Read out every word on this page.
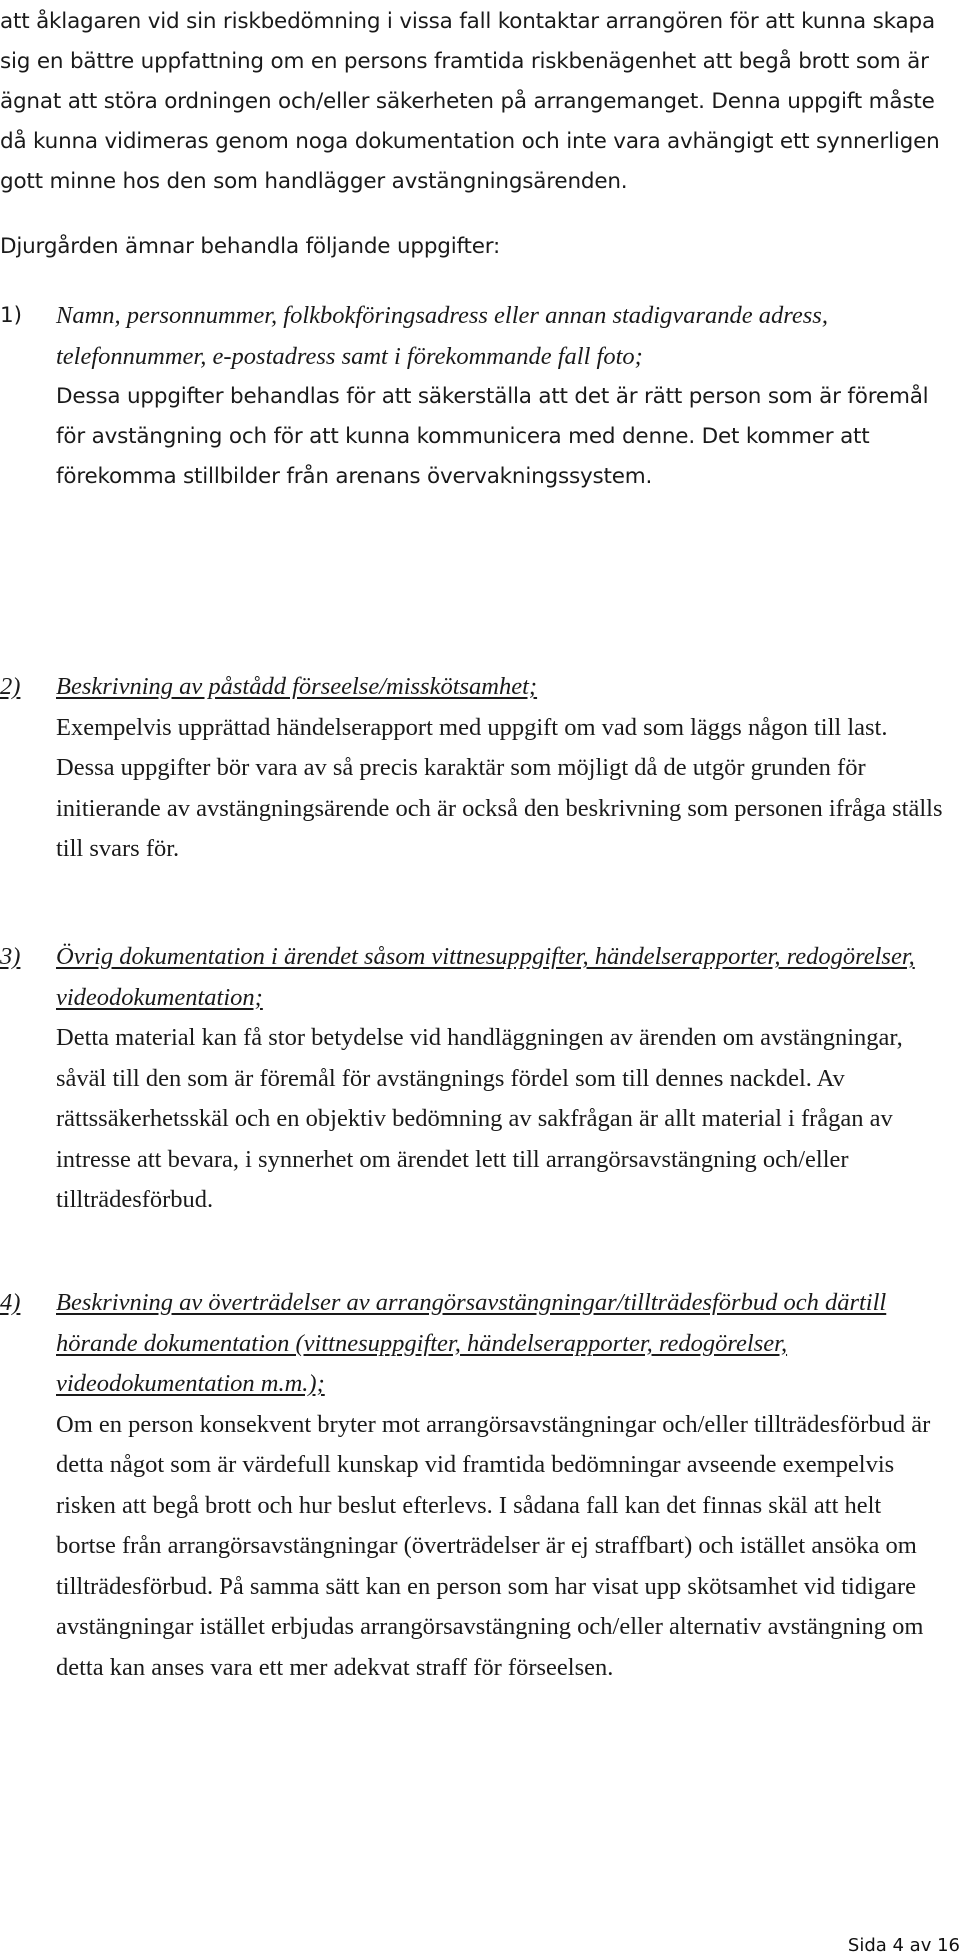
att åklagaren vid sin riskbedömning i vissa fall kontaktar arrangören för att kunna skapa sig en bättre uppfattning om en persons framtida riskbenägenhet att begå brott som är ägnat att störa ordningen och/eller säkerheten på arrangemanget. Denna uppgift måste då kunna vidimeras genom noga dokumentation och inte vara avhängigt ett synnerligen gott minne hos den som handlägger avstängningsärenden.

Djurgården ämnar behandla följande uppgifter:

1)	Namn, personnummer, folkbokföringsadress eller annan stadigvarande adress, telefonnummer, e-postadress samt i förekommande fall foto;

Dessa uppgifter behandlas för att säkerställa att det är rätt person som är föremål för avstängning och för att kunna kommunicera med denne. Det kommer att förekomma stillbilder från arenans övervakningssystem.

2)	Beskrivning av påstådd förseelse/misskötsamhet;

Exempelvis upprättad händelserapport med uppgift om vad som läggs någon till last. Dessa uppgifter bör vara av så precis karaktär som möjligt då de utgör grunden för initierande av avstängningsärende och är också den beskrivning som personen ifråga ställs till svars för.

3)	Övrig dokumentation i ärendet såsom vittnesuppgifter, händelserapporter, redogörelser, videodokumentation;

Detta material kan få stor betydelse vid handläggningen av ärenden om avstängningar, såväl till den som är föremål för avstängnings fördel som till dennes nackdel. Av rättssäkerhetsskäl och en objektiv bedömning av sakfrågan är allt material i frågan av intresse att bevara, i synnerhet om ärendet lett till arrangörsavstängning och/eller tillträdesförbud.

4)	Beskrivning av överträdelser av arrangörsavstängningar/tillträdesförbud och därtill hörande dokumentation (vittnesuppgifter, händelserapporter, redogörelser, videodokumentation m.m.);

Om en person konsekvent bryter mot arrangörsavstängningar och/eller tillträdesförbud är detta något som är värdefull kunskap vid framtida bedömningar avseende exempelvis risken att begå brott och hur beslut efterlevs. I sådana fall kan det finnas skäl att helt bortse från arrangörsavstängningar (överträdelser är ej straffbart) och istället ansöka om tillträdesförbud. På samma sätt kan en person som har visat upp skötsamhet vid tidigare avstängningar istället erbjudas arrangörsavstängning och/eller alternativ avstängning om detta kan anses vara ett mer adekvat straff för förseelsen.

Sida 4 av 16
